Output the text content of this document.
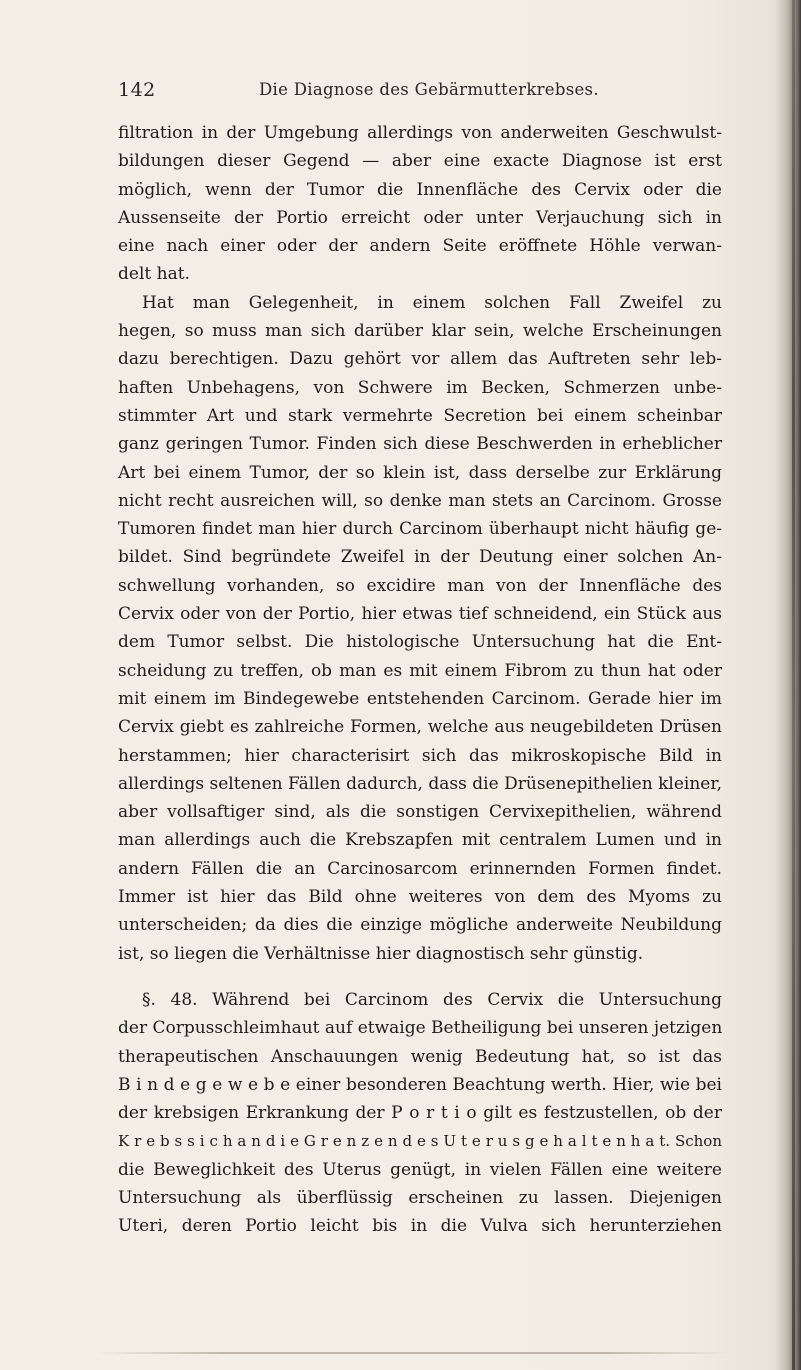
142	Die Diagnose des Gebärmutterkrebses.
filtration in der Umgebung allerdings von anderweiten Geschwulst-
bildungen dieser Gegend — aber eine exacte Diagnose ist erst
möglich, wenn der Tumor die Innenfläche des Cervix oder die
Aussenseite der Portio erreicht oder unter Verjauchung sich in
eine nach einer oder der andern Seite eröffnete Höhle verwan-
delt hat.
Hat man Gelegenheit, in einem solchen Fall Zweifel zu
hegen, so muss man sich darüber klar sein, welche Erscheinungen
dazu berechtigen. Dazu gehört vor allem das Auftreten sehr leb-
haften Unbehagens, von Schwere im Becken, Schmerzen unbe-
stimmter Art und stark vermehrte Secretion bei einem scheinbar
ganz geringen Tumor. Finden sich diese Beschwerden in erheblicher
Art bei einem Tumor, der so klein ist, dass derselbe zur Erklärung
nicht recht ausreichen will, so denke man stets an Carcinom. Grosse
Tumoren findet man hier durch Carcinom überhaupt nicht häufig ge-
bildet. Sind begründete Zweifel in der Deutung einer solchen An-
schwellung vorhanden, so excidire man von der Innenfläche des
Cervix oder von der Portio, hier etwas tief schneidend, ein Stück aus
dem Tumor selbst. Die histologische Untersuchung hat die Ent-
scheidung zu treffen, ob man es mit einem Fibrom zu thun hat oder
mit einem im Bindegewebe entstehenden Carcinom. Gerade hier im
Cervix giebt es zahlreiche Formen, welche aus neugebildeten Drüsen
herstammen; hier characterisirt sich das mikroskopische Bild in
allerdings seltenen Fällen dadurch, dass die Drüsenepithelien kleiner,
aber vollsaftiger sind, als die sonstigen Cervixepithelien, während
man allerdings auch die Krebszapfen mit centralem Lumen und in
andern Fällen die an Carcinosarcom erinnernden Formen findet.
Immer ist hier das Bild ohne weiteres von dem des Myoms zu
unterscheiden; da dies die einzige mögliche anderweite Neubildung
ist, so liegen die Verhältnisse hier diagnostisch sehr günstig.
§. 48. Während bei Carcinom des Cervix die Untersuchung
der Corpusschleimhaut auf etwaige Betheiligung bei unseren jetzigen
therapeutischen Anschauungen wenig Bedeutung hat, so ist das
B i n d e g e w e b e einer besonderen Beachtung werth. Hier, wie bei
der krebsigen Erkrankung der P o r t i o gilt es festzustellen, ob der
K r e b s s i c h a n d i e G r e n z e n d e s U t e r u s g e h a l t e n h a t. Schon
die Beweglichkeit des Uterus genügt, in vielen Fällen eine weitere
Untersuchung als überflüssig erscheinen zu lassen. Diejenigen
Uteri, deren Portio leicht bis in die Vulva sich herunterziehen
